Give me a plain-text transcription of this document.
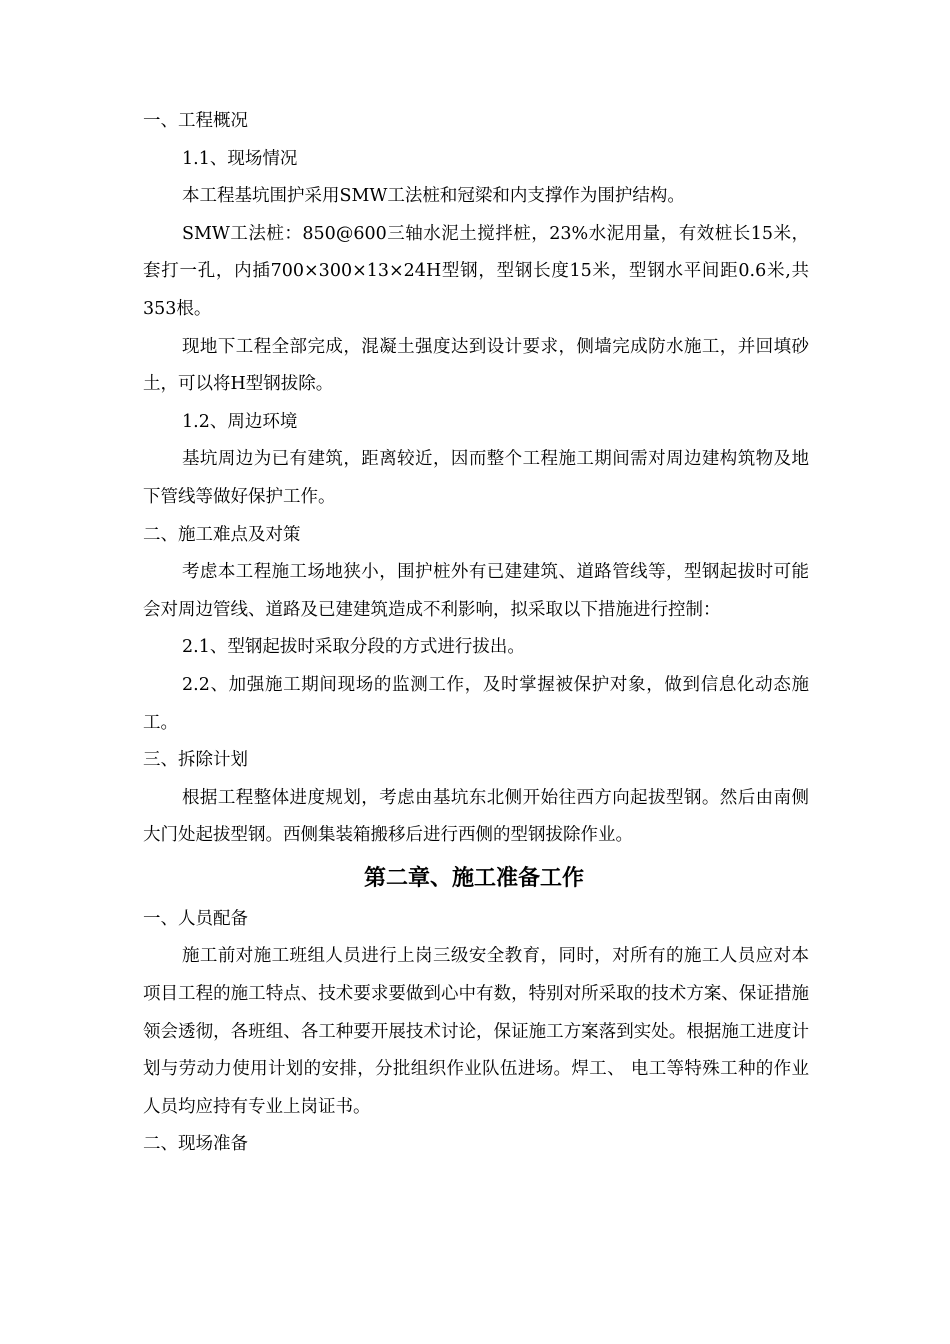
一、工程概况

1.1、现场情况

本工程基坑围护采用SMW工法桩和冠梁和内支撑作为围护结构。

SMW工法桩：850@600三轴水泥土搅拌桩，23%水泥用量，有效桩长15米，套打一孔，内插700×300×13×24H型钢，型钢长度15米，型钢水平间距0.6米,共353根。

现地下工程全部完成，混凝土强度达到设计要求，侧墙完成防水施工，并回填砂土，可以将H型钢拔除。

1.2、周边环境

基坑周边为已有建筑，距离较近，因而整个工程施工期间需对周边建构筑物及地下管线等做好保护工作。

二、施工难点及对策

考虑本工程施工场地狭小，围护桩外有已建建筑、道路管线等，型钢起拔时可能会对周边管线、道路及已建建筑造成不利影响，拟采取以下措施进行控制：

2.1、型钢起拔时采取分段的方式进行拔出。

2.2、加强施工期间现场的监测工作，及时掌握被保护对象，做到信息化动态施工。

三、拆除计划

根据工程整体进度规划，考虑由基坑东北侧开始往西方向起拔型钢。然后由南侧大门处起拔型钢。西侧集装箱搬移后进行西侧的型钢拔除作业。

第二章、施工准备工作

一、人员配备

施工前对施工班组人员进行上岗三级安全教育，同时，对所有的施工人员应对本项目工程的施工特点、技术要求要做到心中有数，特别对所采取的技术方案、保证措施领会透彻，各班组、各工种要开展技术讨论，保证施工方案落到实处。根据施工进度计划与劳动力使用计划的安排，分批组织作业队伍进场。焊工、 电工等特殊工种的作业人员均应持有专业上岗证书。

二、现场准备
